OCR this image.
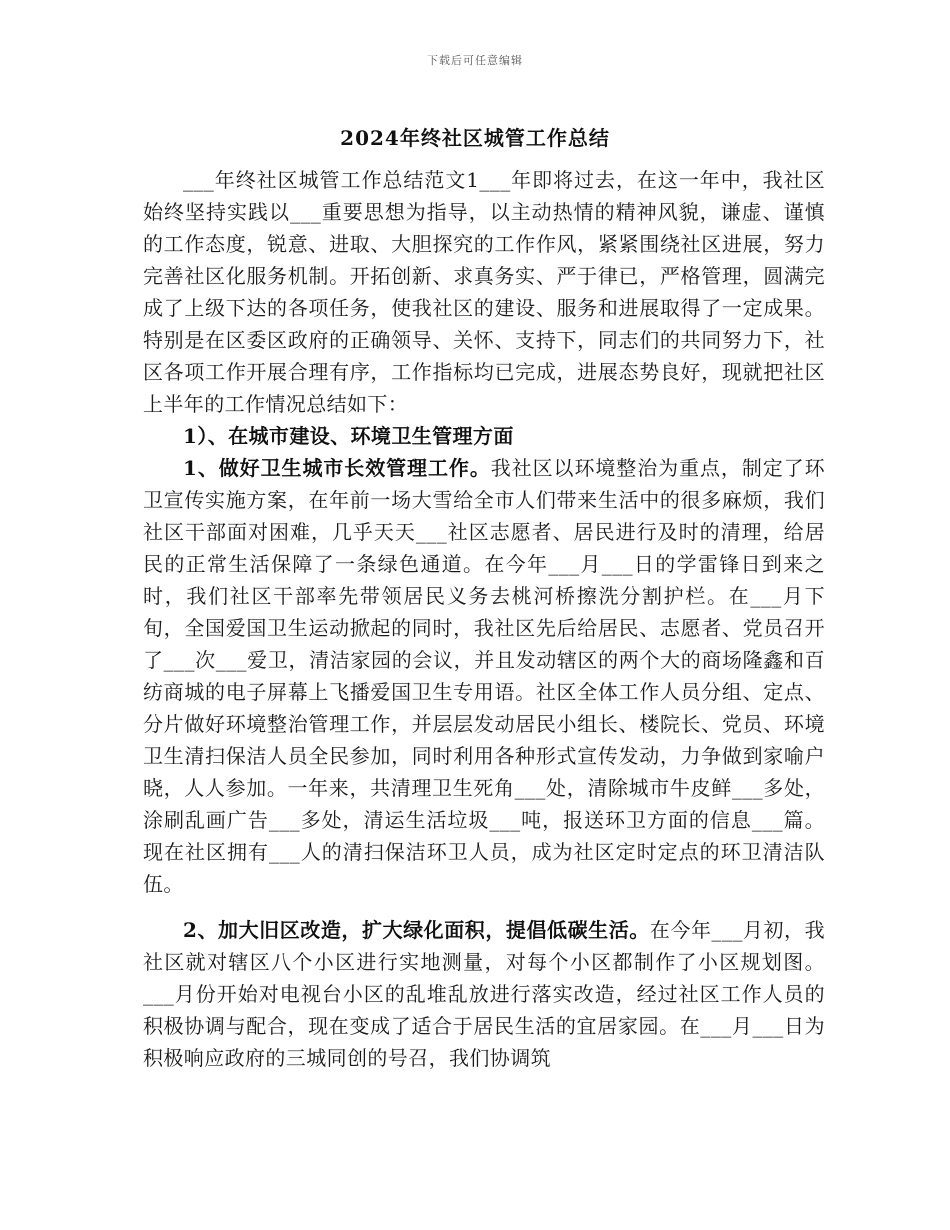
下载后可任意编辑
2024年终社区城管工作总结

___年终社区城管工作总结范文1___年即将过去，在这一年中，我社区始终坚持实践以___重要思想为指导，以主动热情的精神风貌，谦虚、谨慎的工作态度，锐意、进取、大胆探究的工作作风，紧紧围绕社区进展，努力完善社区化服务机制。开拓创新、求真务实、严于律已，严格管理，圆满完成了上级下达的各项任务，使我社区的建设、服务和进展取得了一定成果。特别是在区委区政府的正确领导、关怀、支持下，同志们的共同努力下，社区各项工作开展合理有序，工作指标均已完成，进展态势良好，现就把社区上半年的工作情况总结如下：

1）、在城市建设、环境卫生管理方面

1、做好卫生城市长效管理工作。我社区以环境整治为重点，制定了环卫宣传实施方案，在年前一场大雪给全市人们带来生活中的很多麻烦，我们社区干部面对困难，几乎天天___社区志愿者、居民进行及时的清理，给居民的正常生活保障了一条绿色通道。在今年___月___日的学雷锋日到来之时，我们社区干部率先带领居民义务去桃河桥擦洗分割护栏。在___月下旬，全国爱国卫生运动掀起的同时，我社区先后给居民、志愿者、党员召开了___次___爱卫，清洁家园的会议，并且发动辖区的两个大的商场隆鑫和百纺商城的电子屏幕上飞播爱国卫生专用语。社区全体工作人员分组、定点、分片做好环境整治管理工作，并层层发动居民小组长、楼院长、党员、环境卫生清扫保洁人员全民参加，同时利用各种形式宣传发动，力争做到家喻户晓，人人参加。一年来，共清理卫生死角___处，清除城市牛皮鲜___多处，涂刷乱画广告___多处，清运生活垃圾___吨，报送环卫方面的信息___篇。现在社区拥有___人的清扫保洁环卫人员，成为社区定时定点的环卫清洁队伍。

2、加大旧区改造，扩大绿化面积，提倡低碳生活。在今年___月初，我社区就对辖区八个小区进行实地测量，对每个小区都制作了小区规划图。___月份开始对电视台小区的乱堆乱放进行落实改造，经过社区工作人员的积极协调与配合，现在变成了适合于居民生活的宜居家园。在___月___日为积极响应政府的三城同创的号召，我们协调筑
